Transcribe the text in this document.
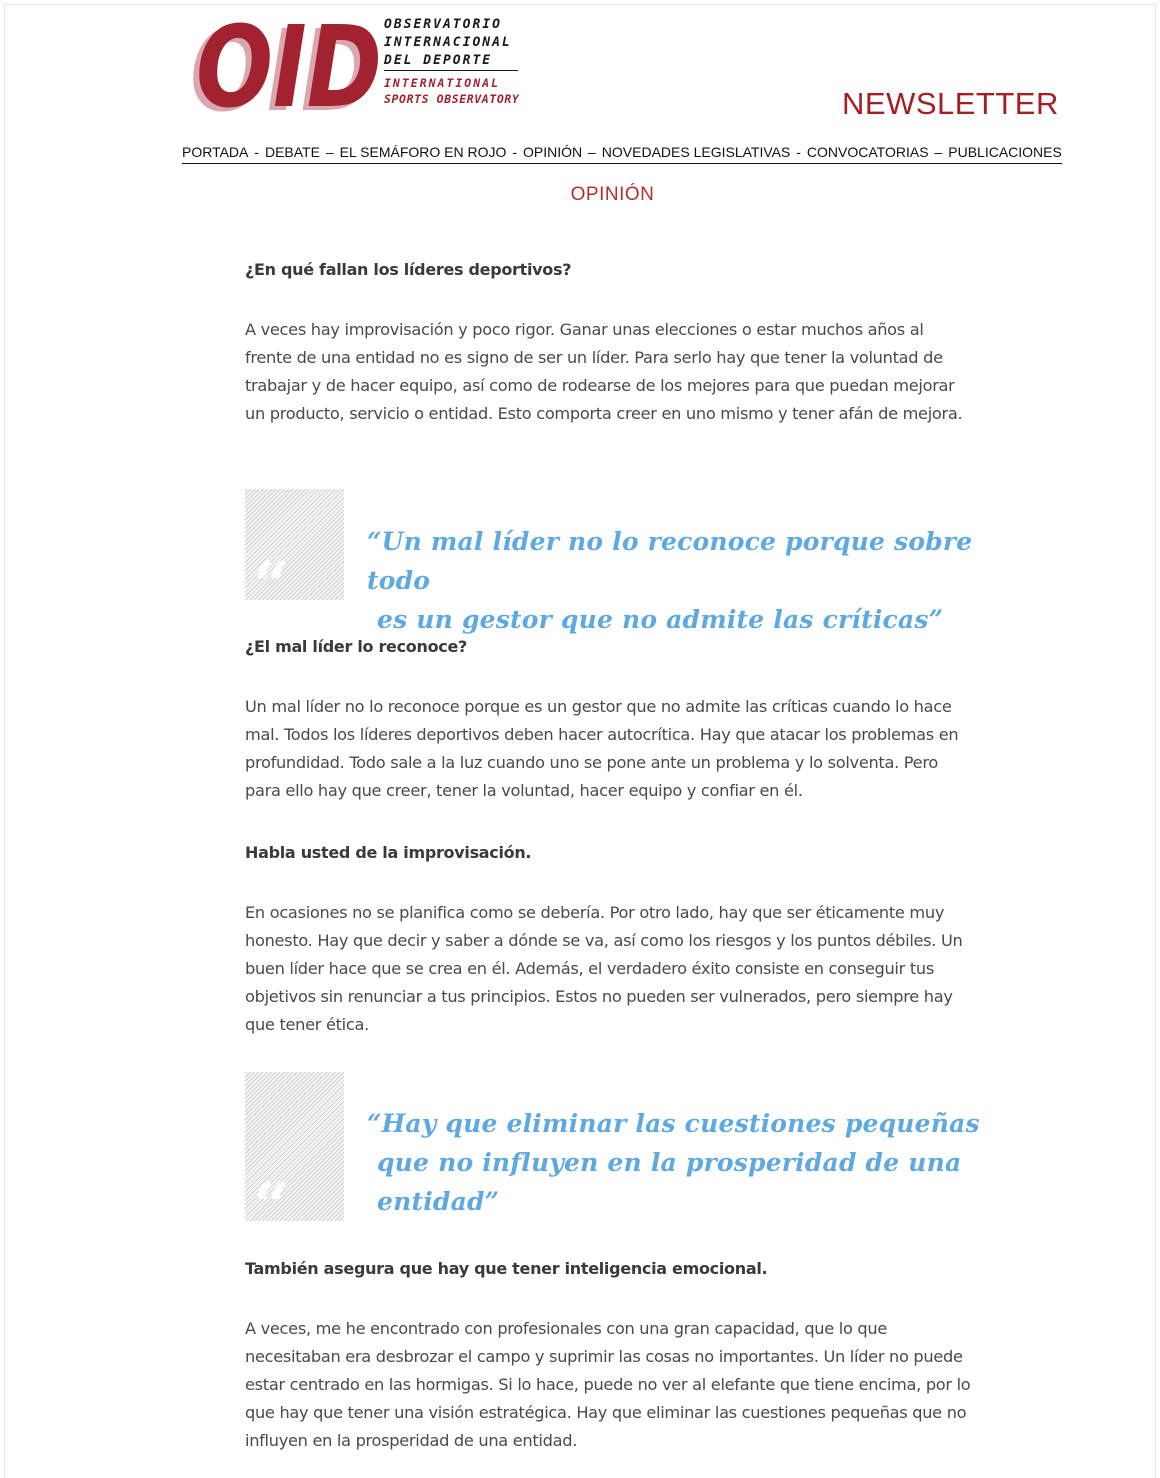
OID
OID OBSERVATORIO
INTERNACIONAL
DEL DEPORTE
INTERNATIONAL
SPORTS OBSERVATORY	NEWSLETTER
PORTADA - DEBATE – EL SEMÁFORO EN ROJO - OPINIÓN – NOVEDADES LEGISLATIVAS - CONVOCATORIAS – PUBLICACIONES
OPINIÓN
¿En qué fallan los líderes deportivos?
A veces hay improvisación y poco rigor. Ganar unas elecciones o estar muchos años al frente de una entidad no es signo de ser un líder. Para serlo hay que tener la voluntad de trabajar y de hacer equipo, así como de rodearse de los mejores para que puedan mejorar un producto, servicio o entidad. Esto comporta creer en uno mismo y tener afán de mejora.
“
“Un mal líder no lo reconoce porque sobre todo
es un gestor que no admite las críticas”
¿El mal líder lo reconoce?
Un mal líder no lo reconoce porque es un gestor que no admite las críticas cuando lo hace mal. Todos los líderes deportivos deben hacer autocrítica. Hay que atacar los problemas en profundidad. Todo sale a la luz cuando uno se pone ante un problema y lo solventa. Pero para ello hay que creer, tener la voluntad, hacer equipo y confiar en él.
Habla usted de la improvisación.
En ocasiones no se planifica como se debería. Por otro lado, hay que ser éticamente muy honesto. Hay que decir y saber a dónde se va, así como los riesgos y los puntos débiles. Un buen líder hace que se crea en él. Además, el verdadero éxito consiste en conseguir tus objetivos sin renunciar a tus principios. Estos no pueden ser vulnerados, pero siempre hay que tener ética.
“
“Hay que eliminar las cuestiones pequeñas
que no influyen en la prosperidad de una
entidad”
También asegura que hay que tener inteligencia emocional.
A veces, me he encontrado con profesionales con una gran capacidad, que lo que necesitaban era desbrozar el campo y suprimir las cosas no importantes. Un líder no puede estar centrado en las hormigas. Si lo hace, puede no ver al elefante que tiene encima, por lo que hay que tener una visión estratégica. Hay que eliminar las cuestiones pequeñas que no influyen en la prosperidad de una entidad.
